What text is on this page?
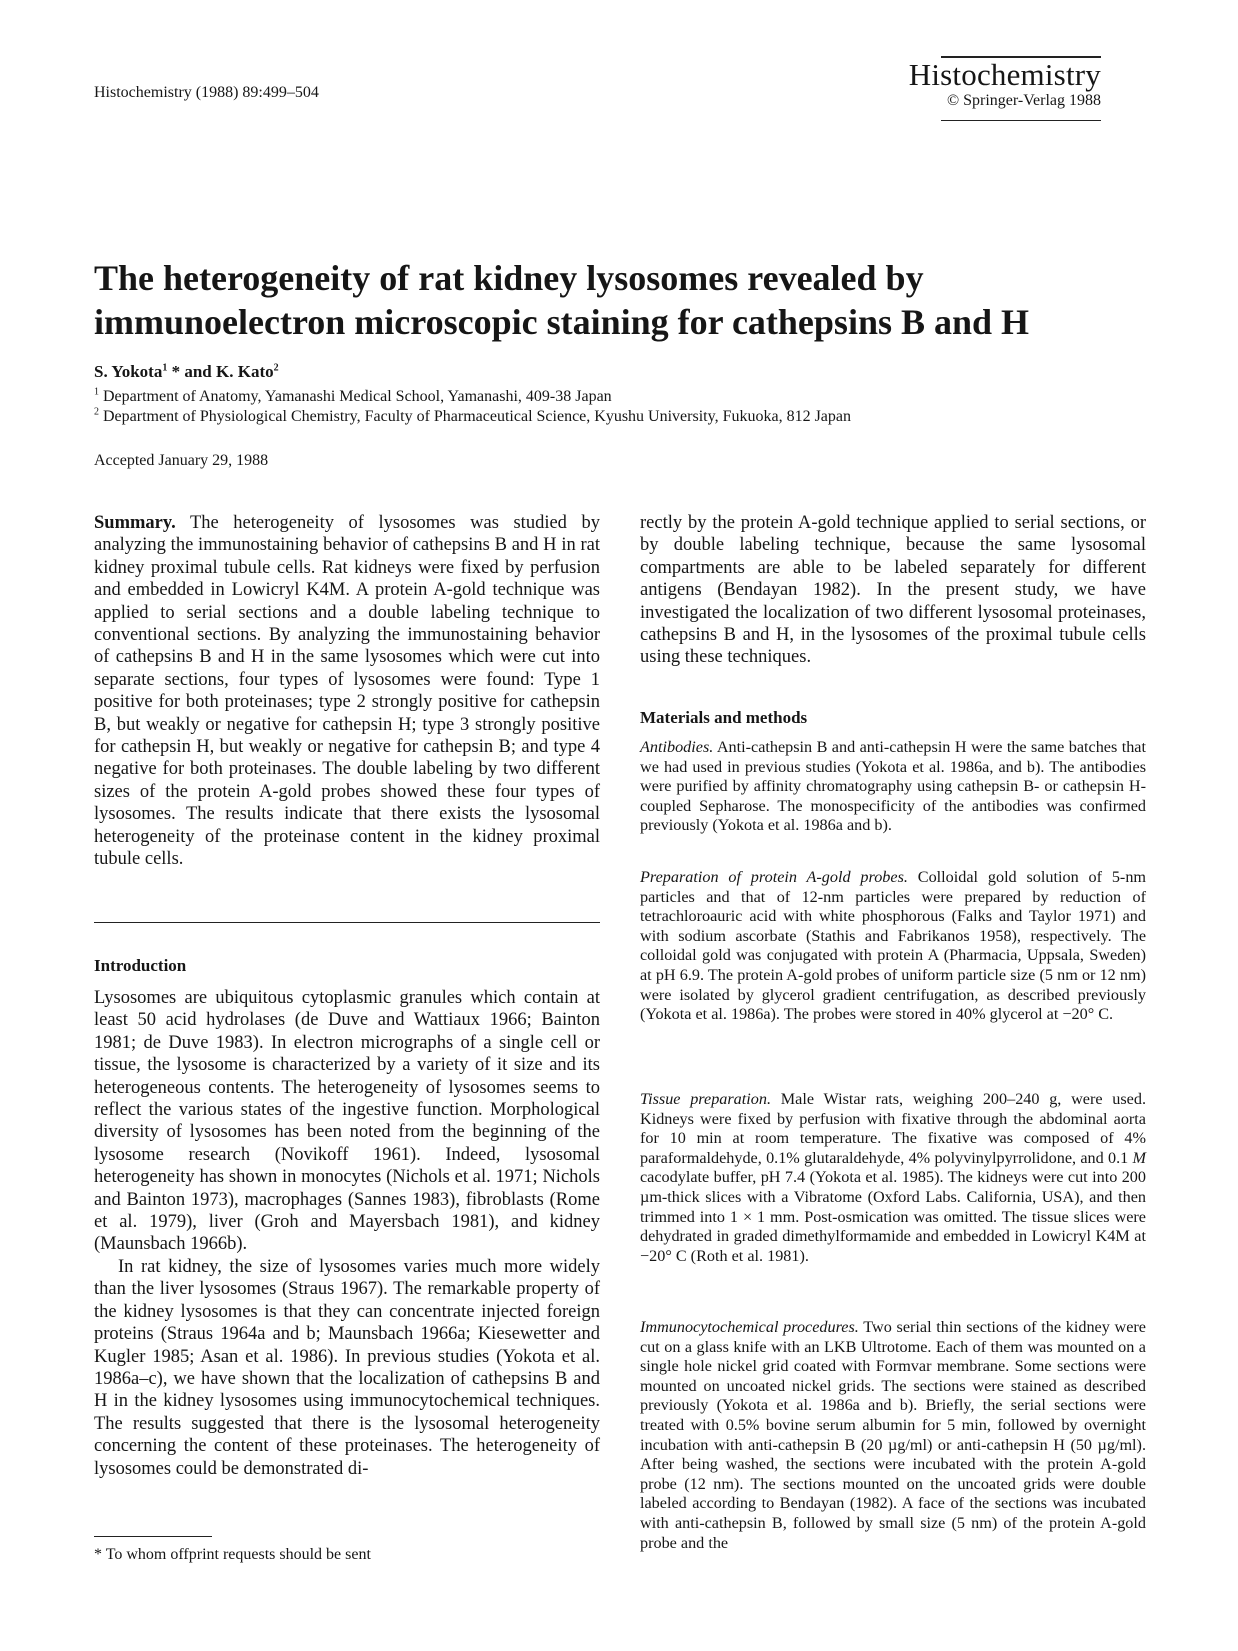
Histochemistry (1988) 89:499–504
Histochemistry
© Springer-Verlag 1988
The heterogeneity of rat kidney lysosomes revealed by immunoelectron microscopic staining for cathepsins B and H
S. Yokota$^1$ * and K. Kato$^2$
$^1$ Department of Anatomy, Yamanashi Medical School, Yamanashi, 409-38 Japan
$^2$ Department of Physiological Chemistry, Faculty of Pharmaceutical Science, Kyushu University, Fukuoka, 812 Japan
Accepted January 29, 1988

Summary. The heterogeneity of lysosomes was studied by analyzing the immunostaining behavior of cathepsins B and H in rat kidney proximal tubule cells. Rat kidneys were fixed by perfusion and embedded in Lowicryl K4M. A protein A-gold technique was applied to serial sections and a double labeling technique to conventional sections. By analyzing the immunostaining behavior of cathepsins B and H in the same lysosomes which were cut into separate sections, four types of lysosomes were found: Type 1 positive for both proteinases; type 2 strongly positive for cathepsin B, but weakly or negative for cathepsin H; type 3 strongly positive for cathepsin H, but weakly or negative for cathepsin B; and type 4 negative for both proteinases. The double labeling by two different sizes of the protein A-gold probes showed these four types of lysosomes. The results indicate that there exists the lysosomal heterogeneity of the proteinase content in the kidney proximal tubule cells.

Introduction

Lysosomes are ubiquitous cytoplasmic granules which contain at least 50 acid hydrolases (de Duve and Wattiaux 1966; Bainton 1981; de Duve 1983). In electron micrographs of a single cell or tissue, the lysosome is characterized by a variety of it size and its heterogeneous contents. The heterogeneity of lysosomes seems to reflect the various states of the ingestive function. Morphological diversity of lysosomes has been noted from the beginning of the lysosome research (Novikoff 1961). Indeed, lysosomal heterogeneity has shown in monocytes (Nichols et al. 1971; Nichols and Bainton 1973), macrophages (Sannes 1983), fibroblasts (Rome et al. 1979), liver (Groh and Mayersbach 1981), and kidney (Maunsbach 1966b).

In rat kidney, the size of lysosomes varies much more widely than the liver lysosomes (Straus 1967). The remarkable property of the kidney lysosomes is that they can concentrate injected foreign proteins (Straus 1964a and b; Maunsbach 1966a; Kiesewetter and Kugler 1985; Asan et al. 1986). In previous studies (Yokota et al. 1986a–c), we have shown that the localization of cathepsins B and H in the kidney lysosomes using immunocytochemical techniques. The results suggested that there is the lysosomal heterogeneity concerning the content of these proteinases. The heterogeneity of lysosomes could be demonstrated di-

* To whom offprint requests should be sent

rectly by the protein A-gold technique applied to serial sections, or by double labeling technique, because the same lysosomal compartments are able to be labeled separately for different antigens (Bendayan 1982). In the present study, we have investigated the localization of two different lysosomal proteinases, cathepsins B and H, in the lysosomes of the proximal tubule cells using these techniques.

Materials and methods

Antibodies. Anti-cathepsin B and anti-cathepsin H were the same batches that we had used in previous studies (Yokota et al. 1986a, and b). The antibodies were purified by affinity chromatography using cathepsin B- or cathepsin H-coupled Sepharose. The monospecificity of the antibodies was confirmed previously (Yokota et al. 1986a and b).

Preparation of protein A-gold probes. Colloidal gold solution of 5-nm particles and that of 12-nm particles were prepared by reduction of tetrachloroauric acid with white phosphorous (Falks and Taylor 1971) and with sodium ascorbate (Stathis and Fabrikanos 1958), respectively. The colloidal gold was conjugated with protein A (Pharmacia, Uppsala, Sweden) at pH 6.9. The protein A-gold probes of uniform particle size (5 nm or 12 nm) were isolated by glycerol gradient centrifugation, as described previously (Yokota et al. 1986a). The probes were stored in 40% glycerol at −20° C.

Tissue preparation. Male Wistar rats, weighing 200–240 g, were used. Kidneys were fixed by perfusion with fixative through the abdominal aorta for 10 min at room temperature. The fixative was composed of 4% paraformaldehyde, 0.1% glutaraldehyde, 4% polyvinylpyrrolidone, and 0.1 M cacodylate buffer, pH 7.4 (Yokota et al. 1985). The kidneys were cut into 200 µm-thick slices with a Vibratome (Oxford Labs. California, USA), and then trimmed into 1 × 1 mm. Post-osmication was omitted. The tissue slices were dehydrated in graded dimethylformamide and embedded in Lowicryl K4M at −20° C (Roth et al. 1981).

Immunocytochemical procedures. Two serial thin sections of the kidney were cut on a glass knife with an LKB Ultrotome. Each of them was mounted on a single hole nickel grid coated with Formvar membrane. Some sections were mounted on uncoated nickel grids. The sections were stained as described previously (Yokota et al. 1986a and b). Briefly, the serial sections were treated with 0.5% bovine serum albumin for 5 min, followed by overnight incubation with anti-cathepsin B (20 µg/ml) or anti-cathepsin H (50 µg/ml). After being washed, the sections were incubated with the protein A-gold probe (12 nm). The sections mounted on the uncoated grids were double labeled according to Bendayan (1982). A face of the sections was incubated with anti-cathepsin B, followed by small size (5 nm) of the protein A-gold probe and the
